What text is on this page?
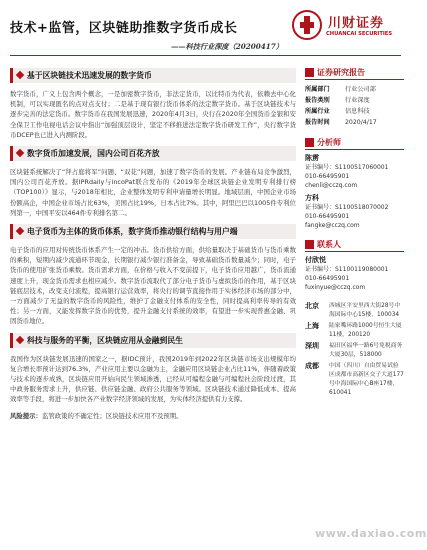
技术+监管，区块链助推数字货币成长
——科技行业深度（20200417）
川财证券
CHUANCAI SECURITIES
基于区块链技术迅速发展的数字货币

数字货币，广义上包含两个概念，一是加密数字货币，非法定货币，以比特币为代表，依赖去中心化机制，可以实现匿名的点对点支付；二是基于现有银行货币体系的法定数字货币。基于区块链技术与逐步完善的法定货币。数字货币在我国发展迅速，2020年4月3日，央行在2020年全国货币金银和安全保卫工作电视电话会议中指出“加强顶层设计，坚定不移推进法定数字货币研发工作”，央行数字货币DCEP也已进入内测阶段。

数字货币加速发展，国内公司百花齐放

区块链系统解决了“拜占庭将军”问题、“双花”问题，加速了数字货币的发展。产业链布局竞争激烈，国内公司百花齐放。据IPRdaily与incoPat联合发布的《2019年全球区块链企业发明专利排行榜（TOP100）》显示，与2018年相比，企业整体发明专利申请量增长明显。地域层面，中国企业市场份额高企，中国企业市场占比63%，美国占比19%，日本占比7%。其中，阿里巴巴以1005件专利位列第一，中国平安以464件专利排名第二。

电子货币为主体的货币体系，数字货币推动银行结构与用户端

电子货币的应用对传统货币体系产生一定的冲击。货币供给方面，供给量取决于基础货币与货币乘数的乘积，短期内减少流通环节现金，长期银行减少银行准备金，导致基础货币数量减少；同时，电子货币的使用扩张货币乘数。货币需求方面，在价格与收入不变前提下，电子货币应用越广，货币流通速度上升，现金货币需求也相应减少。数字货币流取代了部分电子货币与虚拟货币的作用，基于区块链底层技术，改变支付流程，提高银行运营效率，将央行的调节直接作用于实体经济市场的部分中，一方面减少了无益的数字货币的风险性，维护了金融支付体系的安全性，同时提高利率传导的有效性；另一方面，又能发挥数字货币的优势，提升金融支付系统的效率，有望进一步实现普惠金融、巩固货币地位。

科技与服务的平衡，区块链应用从金融到民生

我国作为区块链发展迅速的国家之一，据IDC预计，我国2019年到2022年区块链市场支出规模年均复合增长率预计达到76.3%，产业应用主要以金融为主，金融应用区块链企业占比11%，伴随着政策与技术的逐步成熟，区块链应用开始向民生领域渗透，已经从可编程金融与可编程社会阶段过渡，其中政务服务需求上升，供应链、供应链金融、政府公共服务等领域。区块链技术通过降低成本、提高效率等手段，将进一步加快各产业数字经济领域的发展，为实体经济提供有力支撑。

风险提示：监管政策的不确定性；区块链技术应用不及预期。

证券研究报告
所属部门	行业公司部
报告类别	行业深度
所属行业	信息科技
报告时间	2020/4/17
分析师
陈雳
证书编号：S1100517060001
010-66495901
chenli@cczq.com
方科
证书编号：S1100518070002
010-66495901
fangke@cczq.com
联系人
付欣悦
证书编号：S1100119080001
010-66495901
fuxinyue@cczq.com
北京	西城区平安里西大街28号中海国际中心15楼，100034
上海	陆家嘴环路1000号恒生大厦11楼，200120
深圳	福田区福华一路6号免税商务大厦30层，518000
成都	中国（四川）自由贸易试验区成都市高新区交子大道177号中海国际中心B座17楼，610041
www.daxiao.com
